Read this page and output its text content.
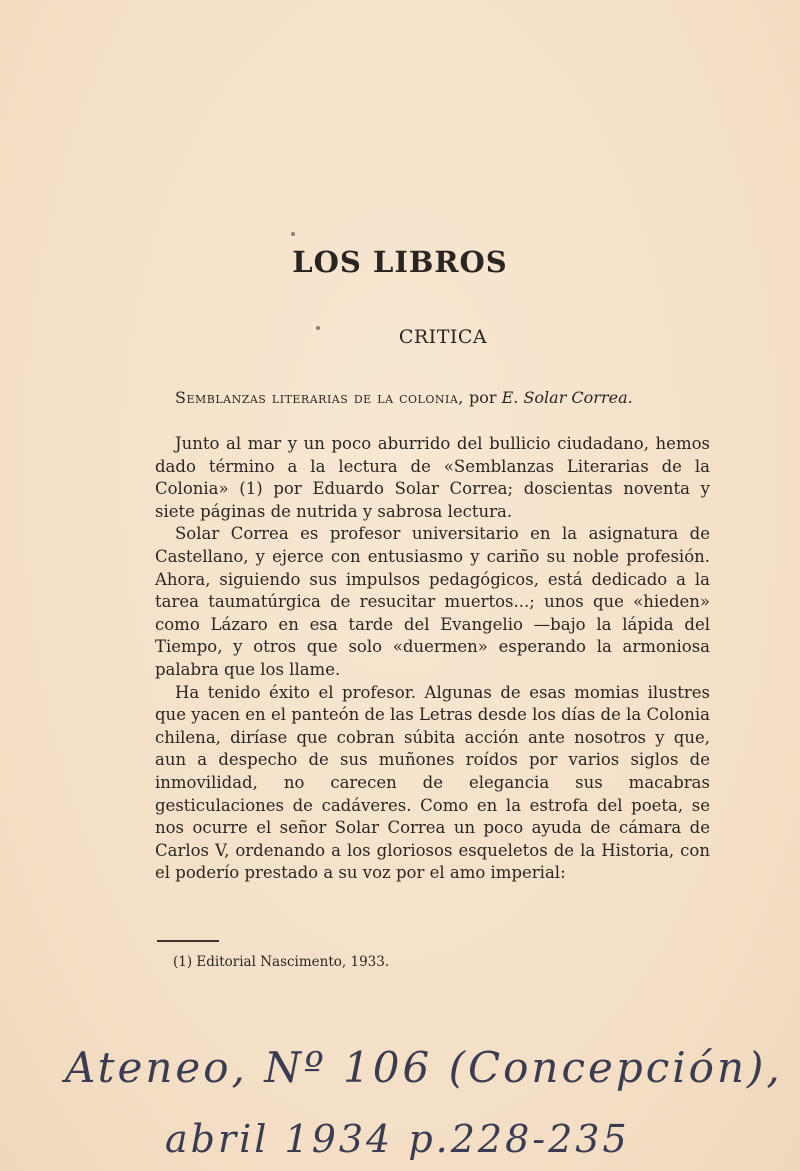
LOS LIBROS
CRITICA
Semblanzas literarias de la colonia, por E. Solar Correa.

Junto al mar y un poco aburrido del bullicio ciudadano, hemos dado término a la lectura de «Semblanzas Literarias de la Colonia» (1) por Eduardo Solar Correa; doscientas noventa y siete páginas de nutrida y sabrosa lectura.

Solar Correa es profesor universitario en la asignatura de Castellano, y ejerce con entusiasmo y cariño su noble profesión. Ahora, siguiendo sus impulsos pedagógicos, está dedicado a la tarea taumatúrgica de resucitar muertos...; unos que «hieden» como Lázaro en esa tarde del Evangelio —bajo la lápida del Tiempo, y otros que solo «duermen» esperando la armoniosa palabra que los llame.

Ha tenido éxito el profesor. Algunas de esas momias ilustres que yacen en el panteón de las Letras desde los días de la Colonia chilena, diríase que cobran súbita acción ante nosotros y que, aun a despecho de sus muñones roídos por varios siglos de inmovilidad, no carecen de elegancia sus macabras gesticulaciones de cadáveres. Como en la estrofa del poeta, se nos ocurre el señor Solar Correa un poco ayuda de cámara de Carlos V, ordenando a los gloriosos esqueletos de la Historia, con el poderío prestado a su voz por el amo imperial:

(1) Editorial Nascimento, 1933.
Ateneo, Nº 106 (Concepción),
abril 1934 p.228-235
